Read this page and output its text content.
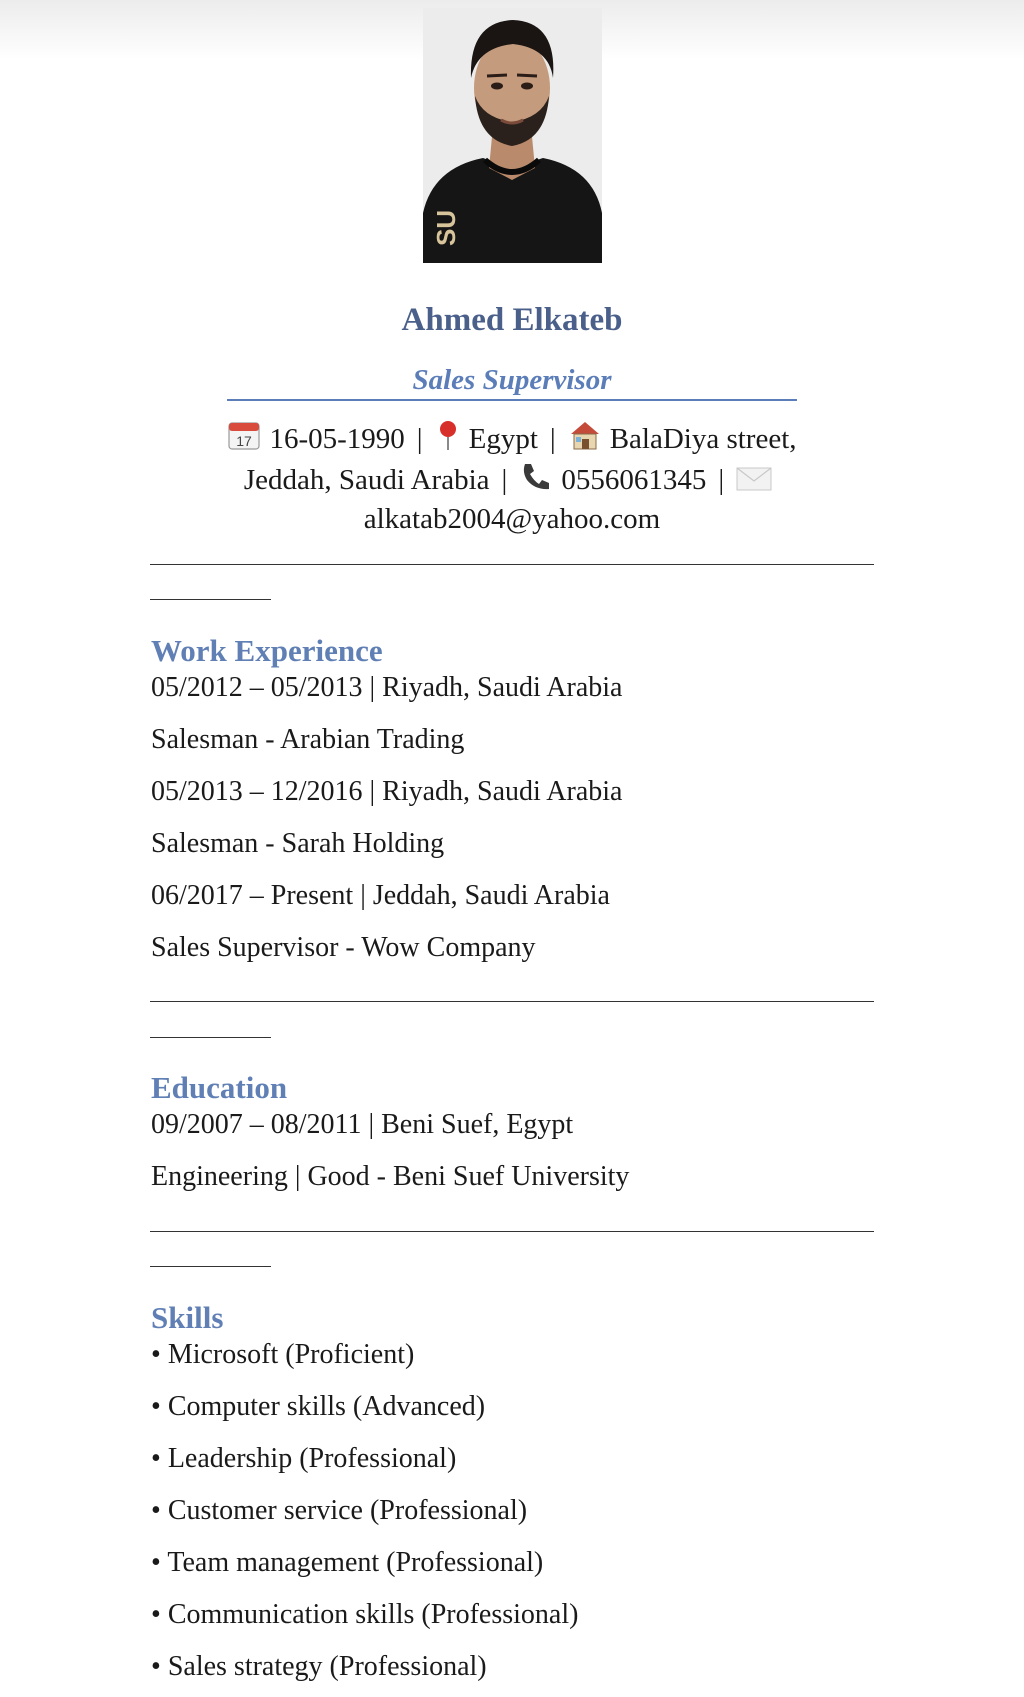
SU
Ahmed Elkateb
Sales Supervisor
17 16-05-1990 | Egypt | BalaDiya street,
Jeddah, Saudi Arabia | 0556061345 |
alkatab2004@yahoo.com
Work Experience
05/2012 – 05/2013 | Riyadh, Saudi Arabia
Salesman - Arabian Trading
05/2013 – 12/2016 | Riyadh, Saudi Arabia
Salesman - Sarah Holding
06/2017 – Present | Jeddah, Saudi Arabia
Sales Supervisor - Wow Company
Education
09/2007 – 08/2011 | Beni Suef, Egypt
Engineering | Good - Beni Suef University
Skills
• Microsoft (Proficient)
• Computer skills (Advanced)
• Leadership (Professional)
• Customer service (Professional)
• Team management (Professional)
• Communication skills (Professional)
• Sales strategy (Professional)
